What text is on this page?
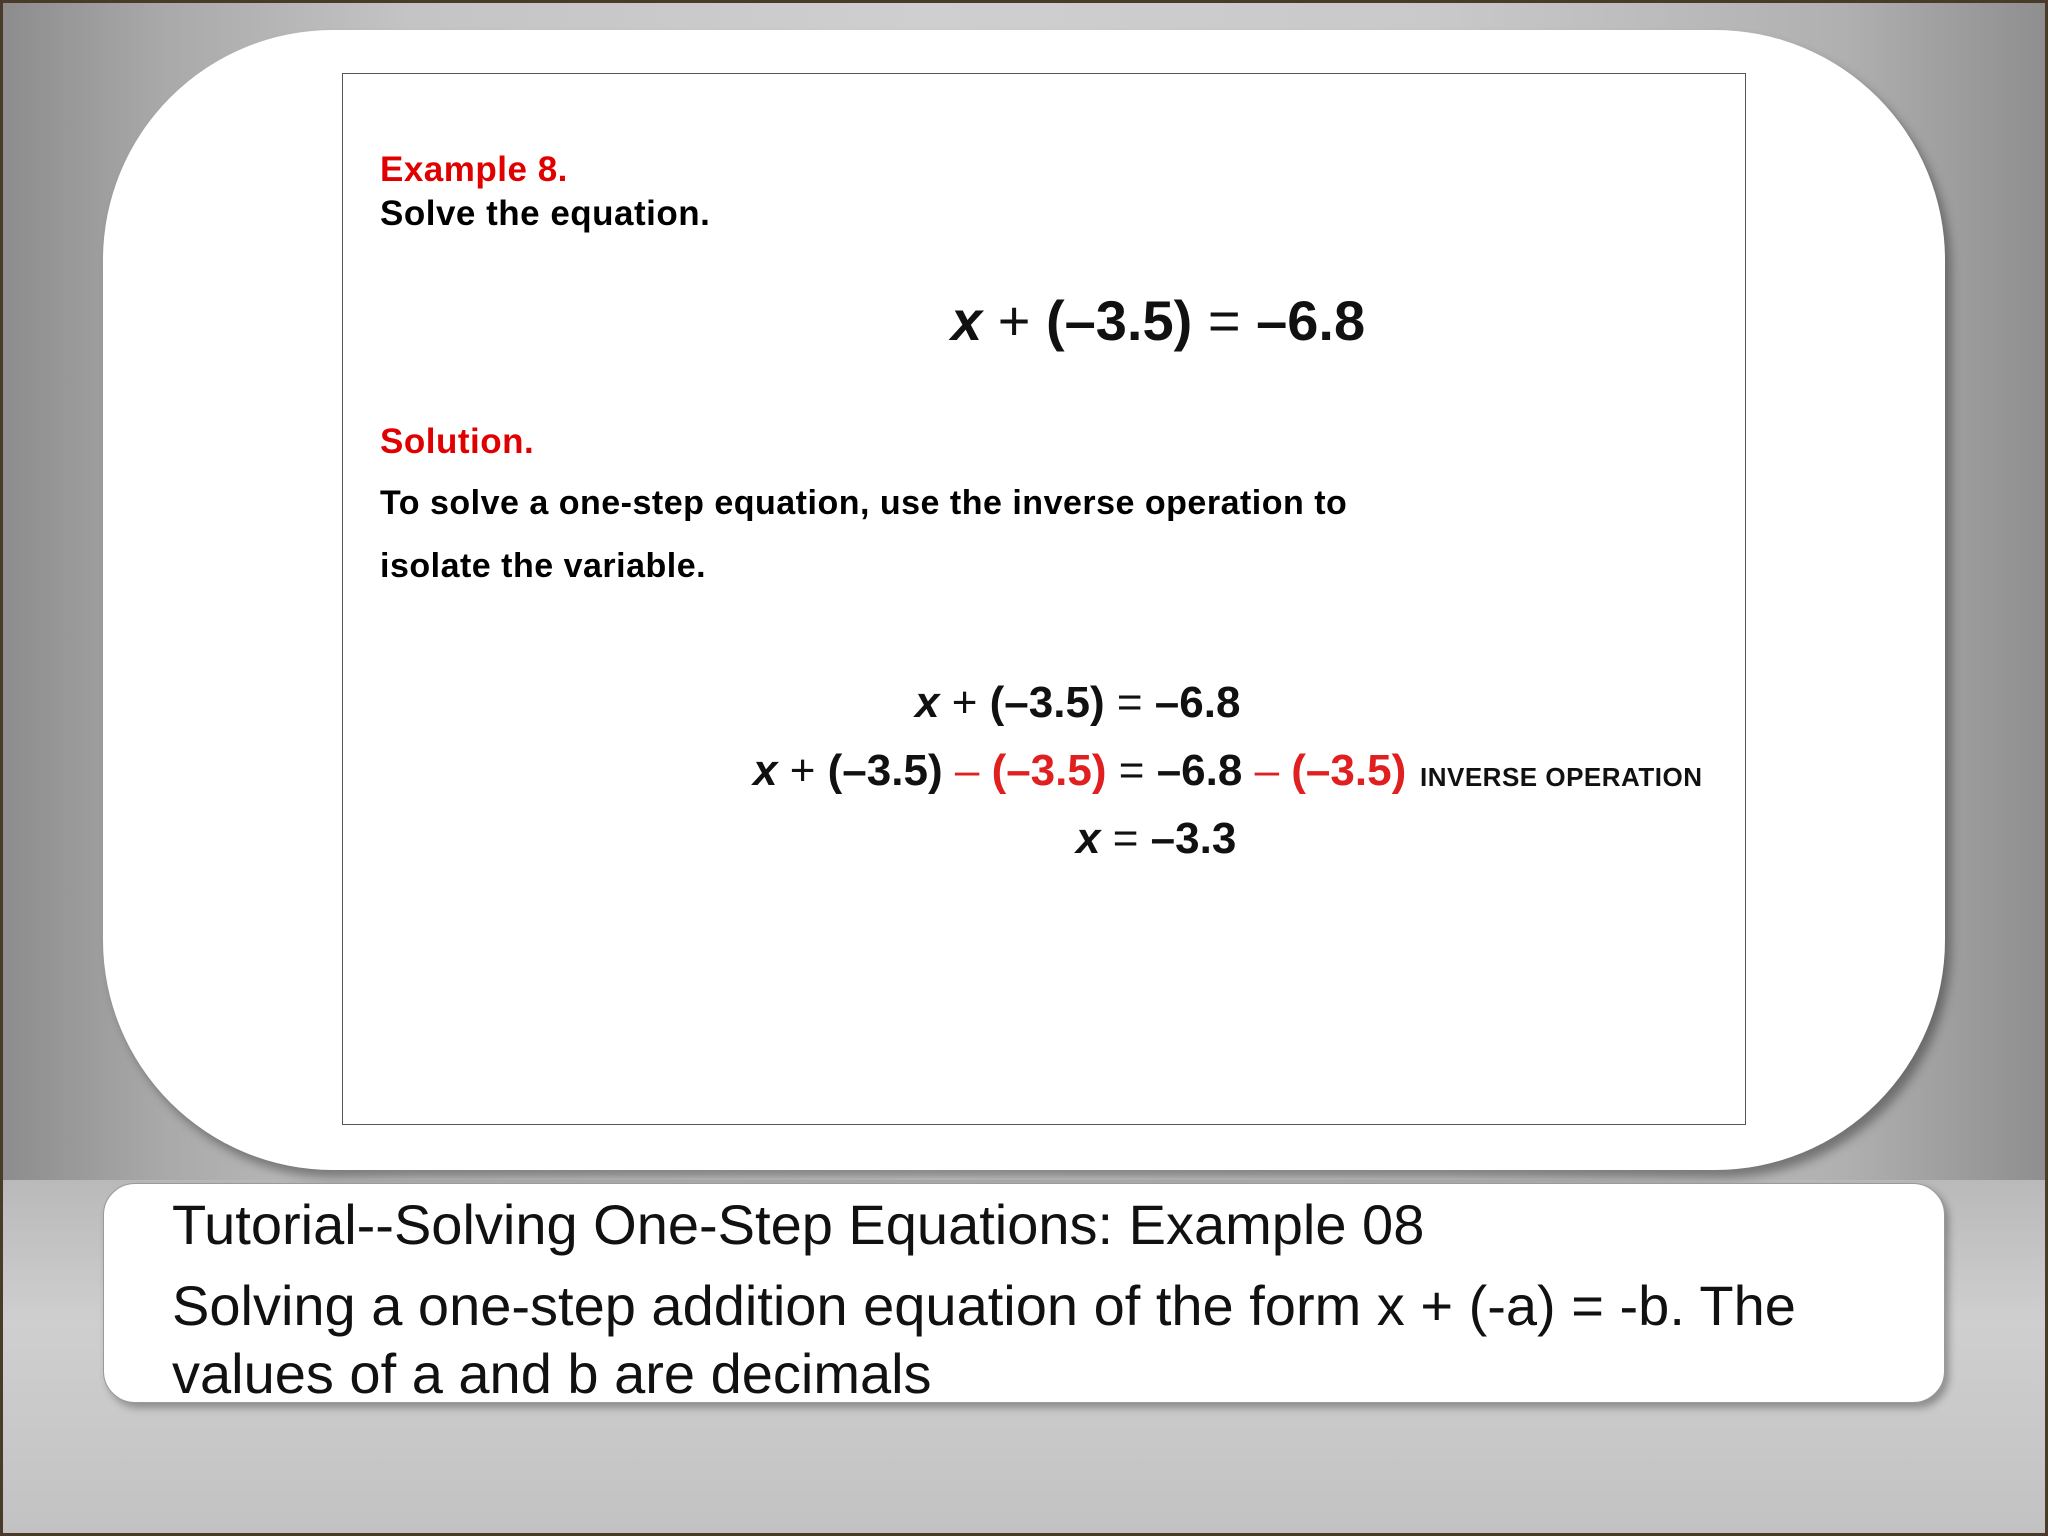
Example 8.
Solve the equation.
x + (–3.5) = –6.8
Solution.
To solve a one-step equation, use the inverse operation to
isolate the variable.
x + (–3.5) = –6.8
x + (–3.5) – (–3.5) = –6.8 – (–3.5) INVERSE OPERATION
x = –3.3
Tutorial--Solving One-Step Equations: Example 08
Solving a one-step addition equation of the form x + (-a) = -b. The values of a and b are decimals
